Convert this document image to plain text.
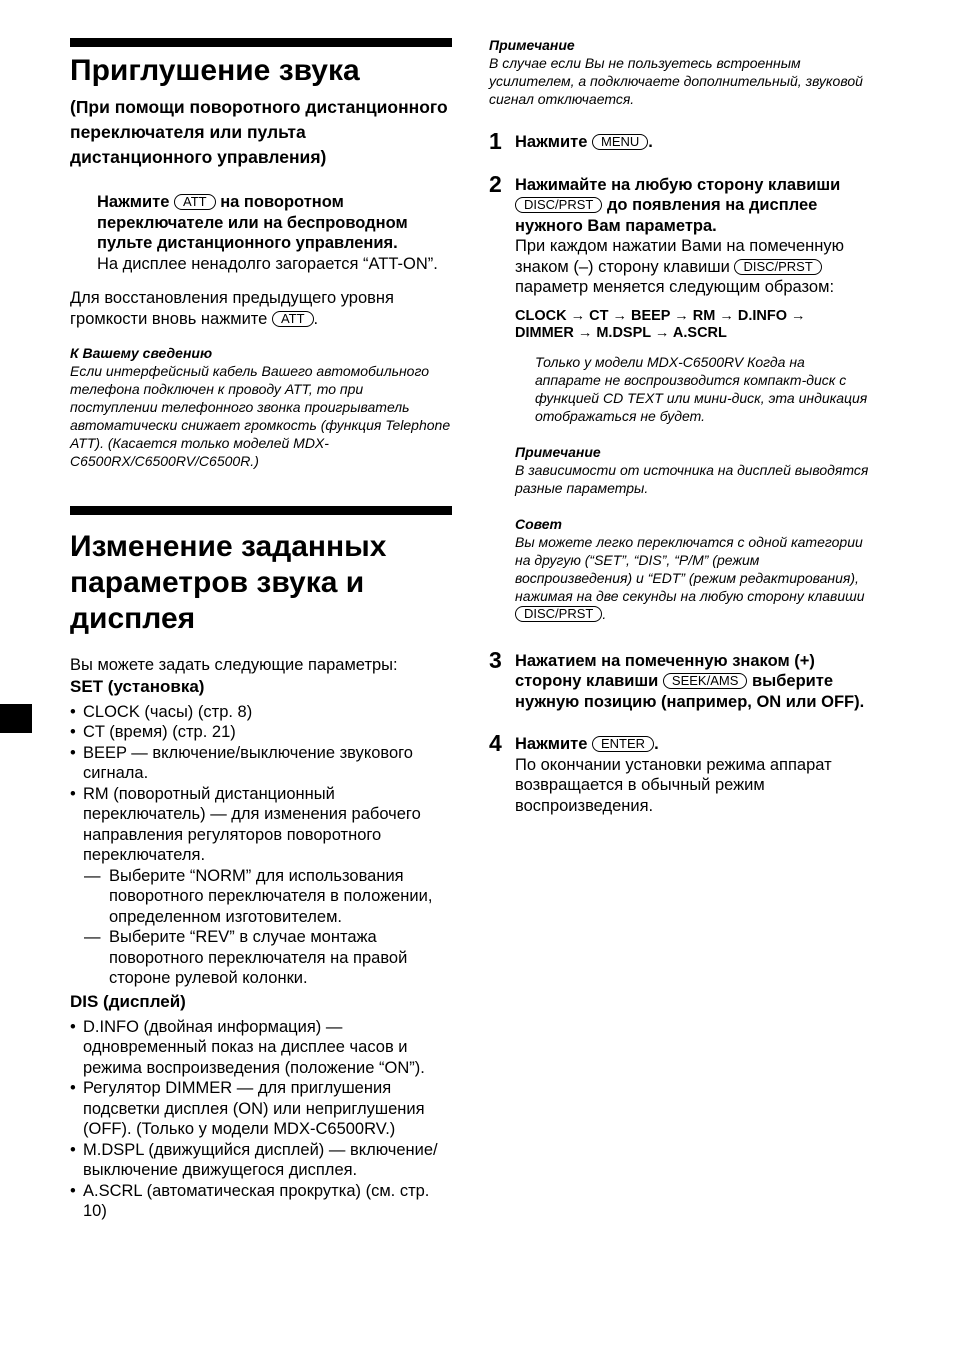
Приглушение звука
(При помощи поворотного дистанционного переключателя или пульта дистанционного управления)

Нажмите ATT на поворотном переключателе или на беспроводном пульте дистанционного управления.

На дисплее ненадолго загорается “ATT-ON”.

Для восстановления предыдущего уровня громкости вновь нажмите ATT .

К Вашему сведению

Если интерфейсный кабель Вашего автомобильного телефона подключен к проводу ATT, то при поступлении телефонного звонка проигрыватель автоматически снижает громкость (функция Telephone ATT). (Касается только моделей MDX-C6500RX/C6500RV/C6500R.)

Изменение заданных параметров звука и дисплея

Вы можете задать следующие параметры:

SET (установка)

• CLOCK (часы) (стр. 8)
• CT (время) (стр. 21)
• BEEP — включение/выключение звукового сигнала.
• RM (поворотный дистанционный переключатель) — для изменения рабочего направления регуляторов поворотного переключателя.
— Выберите “NORM” для использования поворотного переключателя в положении, определенном изготовителем.
— Выберите “REV” в случае монтажа поворотного переключателя на правой стороне рулевой колонки.

DIS (дисплей)

• D.INFO (двойная информация) — одновременный показ на дисплее часов и режима воспроизведения (положение “ON”).
• Регулятор DIMMER — для приглушения подсветки дисплея (ON) или неприглушения (OFF). (Только у модели MDX-C6500RV.)
• M.DSPL (движущийся дисплей) — включение/выключение движущегося дисплея.
• A.SCRL (автоматическая прокрутка) (см. стр. 10)

Примечание

В случае если Вы не пользуетесь встроенным усилителем, а подключаете дополнительный, звуковой сигнал отключается.

1 Нажмите MENU .

2 Нажимайте на любую сторону клавиши DISC/PRST до появления на дисплее нужного Вам параметра.

При каждом нажатии Вами на помеченную знаком (–) сторону клавиши DISC/PRST параметр меняется следующим образом:

CLOCK → CT → BEEP → RM → D.INFO →

DIMMER → M.DSPL → A.SCRL

Только у модели MDX-C6500RV Когда на аппарате не воспроизводится компакт-диск с функцией CD TEXT или мини-диск, эта индикация отображаться не будет.

Примечание

В зависимости от источника на дисплей выводятся разные параметры.

Совет

Вы можете легко переключатся с одной категории на другую (“SET”, “DIS”, “P/M” (режим воспроизведения) и “EDT” (режим редактирования), нажимая на две секунды на любую сторону клавиши DISC/PRST .

3 Нажатием на помеченную знаком (+) сторону клавиши SEEK/AMS выберите нужную позицию (например, ON или OFF).

4 Нажмите ENTER .

По окончании установки режима аппарат возвращается в обычный режим воспроизведения.
